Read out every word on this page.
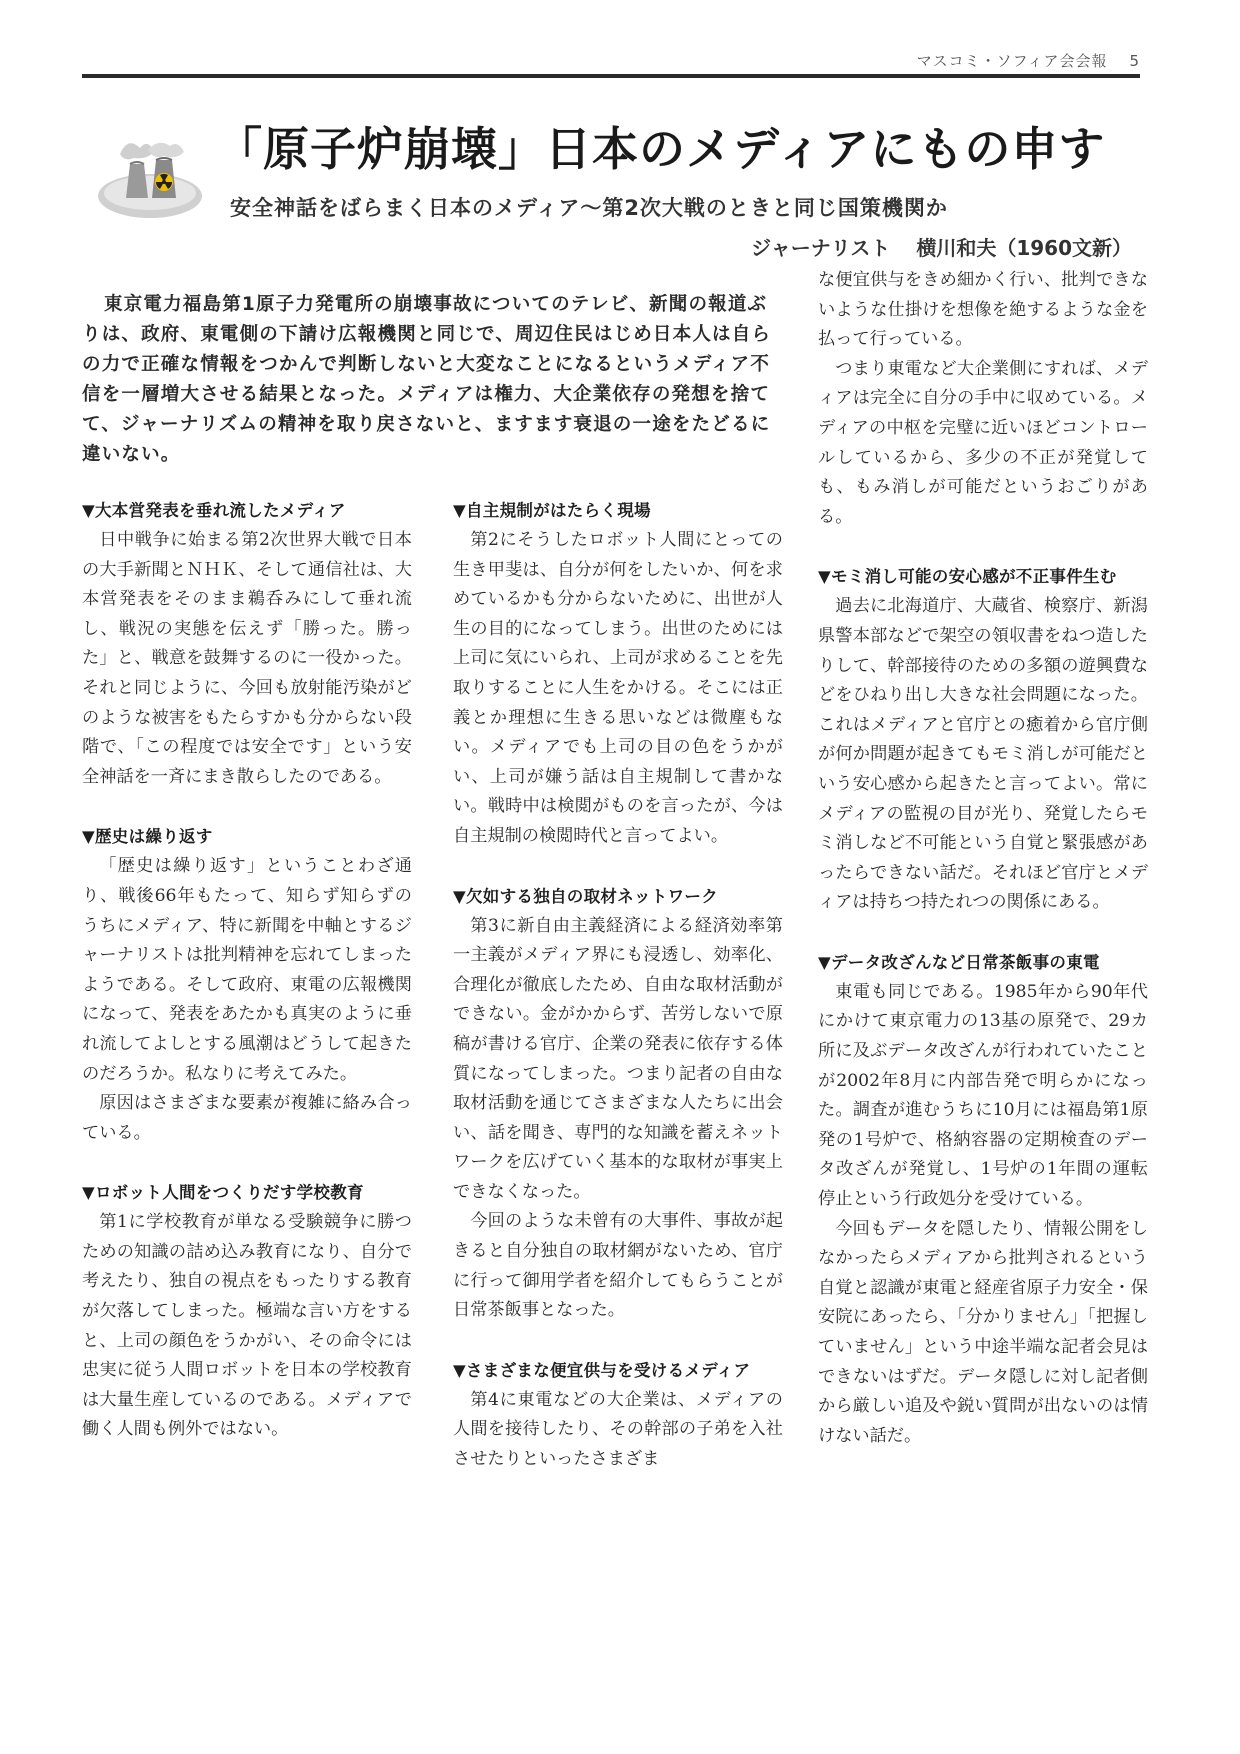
マスコミ・ソフィア会会報 5
「原子炉崩壊」日本のメディアにもの申す
安全神話をばらまく日本のメディア～第2次大戦のときと同じ国策機関か
ジャーナリスト 横川和夫（1960文新）

東京電力福島第1原子力発電所の崩壊事故についてのテレビ、新聞の報道ぶりは、政府、東電側の下請け広報機関と同じで、周辺住民はじめ日本人は自らの力で正確な情報をつかんで判断しないと大変なことになるというメディア不信を一層増大させる結果となった。メディアは権力、大企業依存の発想を捨てて、ジャーナリズムの精神を取り戻さないと、ますます衰退の一途をたどるに違いない。

▼大本営発表を垂れ流したメディア

日中戦争に始まる第2次世界大戦で日本の大手新聞とＮＨＫ、そして通信社は、大本営発表をそのまま鵜呑みにして垂れ流し、戦況の実態を伝えず「勝った。勝った」と、戦意を鼓舞するのに一役かった。それと同じように、今回も放射能汚染がどのような被害をもたらすかも分からない段階で、「この程度では安全です」という安全神話を一斉にまき散らしたのである。

▼歴史は繰り返す

「歴史は繰り返す」ということわざ通り、戦後66年もたって、知らず知らずのうちにメディア、特に新聞を中軸とするジャーナリストは批判精神を忘れてしまったようである。そして政府、東電の広報機関になって、発表をあたかも真実のように垂れ流してよしとする風潮はどうして起きたのだろうか。私なりに考えてみた。

原因はさまざまな要素が複雑に絡み合っている。

▼ロボット人間をつくりだす学校教育

第1に学校教育が単なる受験競争に勝つための知識の詰め込み教育になり、自分で考えたり、独自の視点をもったりする教育が欠落してしまった。極端な言い方をすると、上司の顔色をうかがい、その命令には忠実に従う人間ロボットを日本の学校教育は大量生産しているのである。メディアで働く人間も例外ではない。

▼自主規制がはたらく現場

第2にそうしたロボット人間にとっての生き甲斐は、自分が何をしたいか、何を求めているかも分からないために、出世が人生の目的になってしまう。出世のためには上司に気にいられ、上司が求めることを先取りすることに人生をかける。そこには正義とか理想に生きる思いなどは微塵もない。メディアでも上司の目の色をうかがい、上司が嫌う話は自主規制して書かない。戦時中は検閲がものを言ったが、今は自主規制の検閲時代と言ってよい。

▼欠如する独自の取材ネットワーク

第3に新自由主義経済による経済効率第一主義がメディア界にも浸透し、効率化、合理化が徹底したため、自由な取材活動ができない。金がかからず、苦労しないで原稿が書ける官庁、企業の発表に依存する体質になってしまった。つまり記者の自由な取材活動を通じてさまざまな人たちに出会い、話を聞き、専門的な知識を蓄えネットワークを広げていく基本的な取材が事実上できなくなった。

今回のような未曾有の大事件、事故が起きると自分独自の取材網がないため、官庁に行って御用学者を紹介してもらうことが日常茶飯事となった。

▼さまざまな便宜供与を受けるメディア

第4に東電などの大企業は、メディアの人間を接待したり、その幹部の子弟を入社させたりといったさまざま

な便宜供与をきめ細かく行い、批判できないような仕掛けを想像を絶するような金を払って行っている。

つまり東電など大企業側にすれば、メディアは完全に自分の手中に収めている。メディアの中枢を完璧に近いほどコントロールしているから、多少の不正が発覚しても、もみ消しが可能だというおごりがある。

▼モミ消し可能の安心感が不正事件生む

過去に北海道庁、大蔵省、検察庁、新潟県警本部などで架空の領収書をねつ造したりして、幹部接待のための多額の遊興費などをひねり出し大きな社会問題になった。これはメディアと官庁との癒着から官庁側が何か問題が起きてもモミ消しが可能だという安心感から起きたと言ってよい。常にメディアの監視の目が光り、発覚したらモミ消しなど不可能という自覚と緊張感があったらできない話だ。それほど官庁とメディアは持ちつ持たれつの関係にある。

▼データ改ざんなど日常茶飯事の東電

東電も同じである。1985年から90年代にかけて東京電力の13基の原発で、29カ所に及ぶデータ改ざんが行われていたことが2002年8月に内部告発で明らかになった。調査が進むうちに10月には福島第1原発の1号炉で、格納容器の定期検査のデータ改ざんが発覚し、1号炉の1年間の運転停止という行政処分を受けている。

今回もデータを隠したり、情報公開をしなかったらメディアから批判されるという自覚と認識が東電と経産省原子力安全・保安院にあったら、「分かりません」「把握していません」という中途半端な記者会見はできないはずだ。データ隠しに対し記者側から厳しい追及や鋭い質問が出ないのは情けない話だ。
